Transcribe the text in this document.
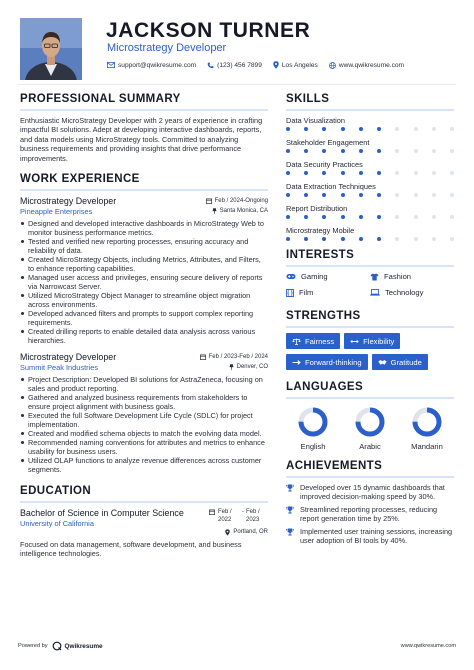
JACKSON TURNER
Microstrategy Developer
support@qwikresume.com	(123) 456 7899	Los Angeles	www.qwikresume.com
PROFESSIONAL SUMMARY
Enthusiastic MicroStrategy Developer with 2 years of experience in crafting impactful BI solutions. Adept at developing interactive dashboards, reports, and data models using MicroStrategy tools. Committed to analyzing business requirements and providing insights that drive performance improvements.
WORK EXPERIENCE
Microstrategy Developer
Pineapple Enterprises
Feb / 2024-Ongoing
Santa Monica, CA
Designed and developed interactive dashboards in MicroStrategy Web to monitor business performance metrics.
Tested and verified new reporting processes, ensuring accuracy and reliability of data.
Created MicroStrategy Objects, including Metrics, Attributes, and Filters, to enhance reporting capabilities.
Managed user access and privileges, ensuring secure delivery of reports via Narrowcast Server.
Utilized MicroStrategy Object Manager to streamline object migration across environments.
Developed advanced filters and prompts to support complex reporting requirements.
Created drilling reports to enable detailed data analysis across various hierarchies.
Microstrategy Developer
Summit Peak Industries
Feb / 2023-Feb / 2024
Denver, CO
Project Description: Developed BI solutions for AstraZeneca, focusing on sales and product reporting.
Gathered and analyzed business requirements from stakeholders to ensure project alignment with business goals.
Executed the full Software Development Life Cycle (SDLC) for project implementation.
Created and modified schema objects to match the evolving data model.
Recommended naming conventions for attributes and metrics to enhance usability for business users.
Utilized OLAP functions to analyze revenue differences across customer segments.
EDUCATION
Bachelor of Science in Computer Science
University of California
Feb / 2022
- Feb / 2023
Portland, OR
Focused on data management, software development, and business intelligence technologies.
SKILLS
Data Visualization
Stakeholder Engagement
Data Security Practices
Data Extraction Techniques
Report Distribution
Microstrategy Mobile
INTERESTS
Gaming	Fashion
Film	Technology
STRENGTHS
Fairness	Flexibility
Forward-thinking	Gratitude
LANGUAGES
English	Arabic	Mandarin
ACHIEVEMENTS
Developed over 15 dynamic dashboards that improved decision-making speed by 30%.
Streamlined reporting processes, reducing report generation time by 25%.
Implemented user training sessions, increasing user adoption of BI tools by 40%.
Powered by	Qwikresume	www.qwikresume.com
